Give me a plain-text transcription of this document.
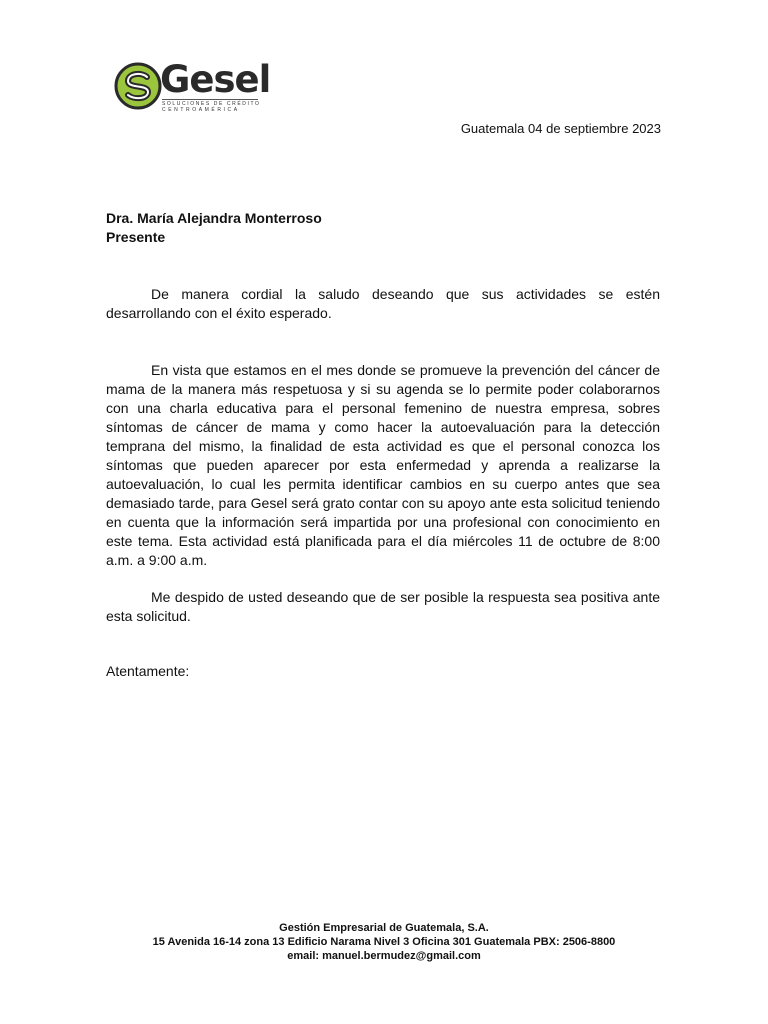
Gesel
SOLUCIONES DE CRÉDITO
CENTROAMÉRICA
Guatemala 04 de septiembre 2023
Dra. María Alejandra Monterroso
Presente

De manera cordial la saludo deseando que sus actividades se estén desarrollando con el éxito esperado.

En vista que estamos en el mes donde se promueve la prevención del cáncer de mama de la manera más respetuosa y si su agenda se lo permite poder colaborarnos con una charla educativa para el personal femenino de nuestra empresa, sobres síntomas de cáncer de mama y como hacer la autoevaluación para la detección temprana del mismo, la finalidad de esta actividad es que el personal conozca los síntomas que pueden aparecer por esta enfermedad y aprenda a realizarse la autoevaluación, lo cual les permita identificar cambios en su cuerpo antes que sea demasiado tarde, para Gesel será grato contar con su apoyo ante esta solicitud teniendo en cuenta que la información será impartida por una profesional con conocimiento en este tema. Esta actividad está planificada para el día miércoles 11 de octubre de 8:00 a.m. a 9:00 a.m.

Me despido de usted deseando que de ser posible la respuesta sea positiva ante esta solicitud.

Atentamente:
Gestión Empresarial de Guatemala, S.A.
15 Avenida 16-14 zona 13 Edificio Narama Nivel 3 Oficina 301 Guatemala PBX: 2506-8800
email: manuel.bermudez@gmail.com
